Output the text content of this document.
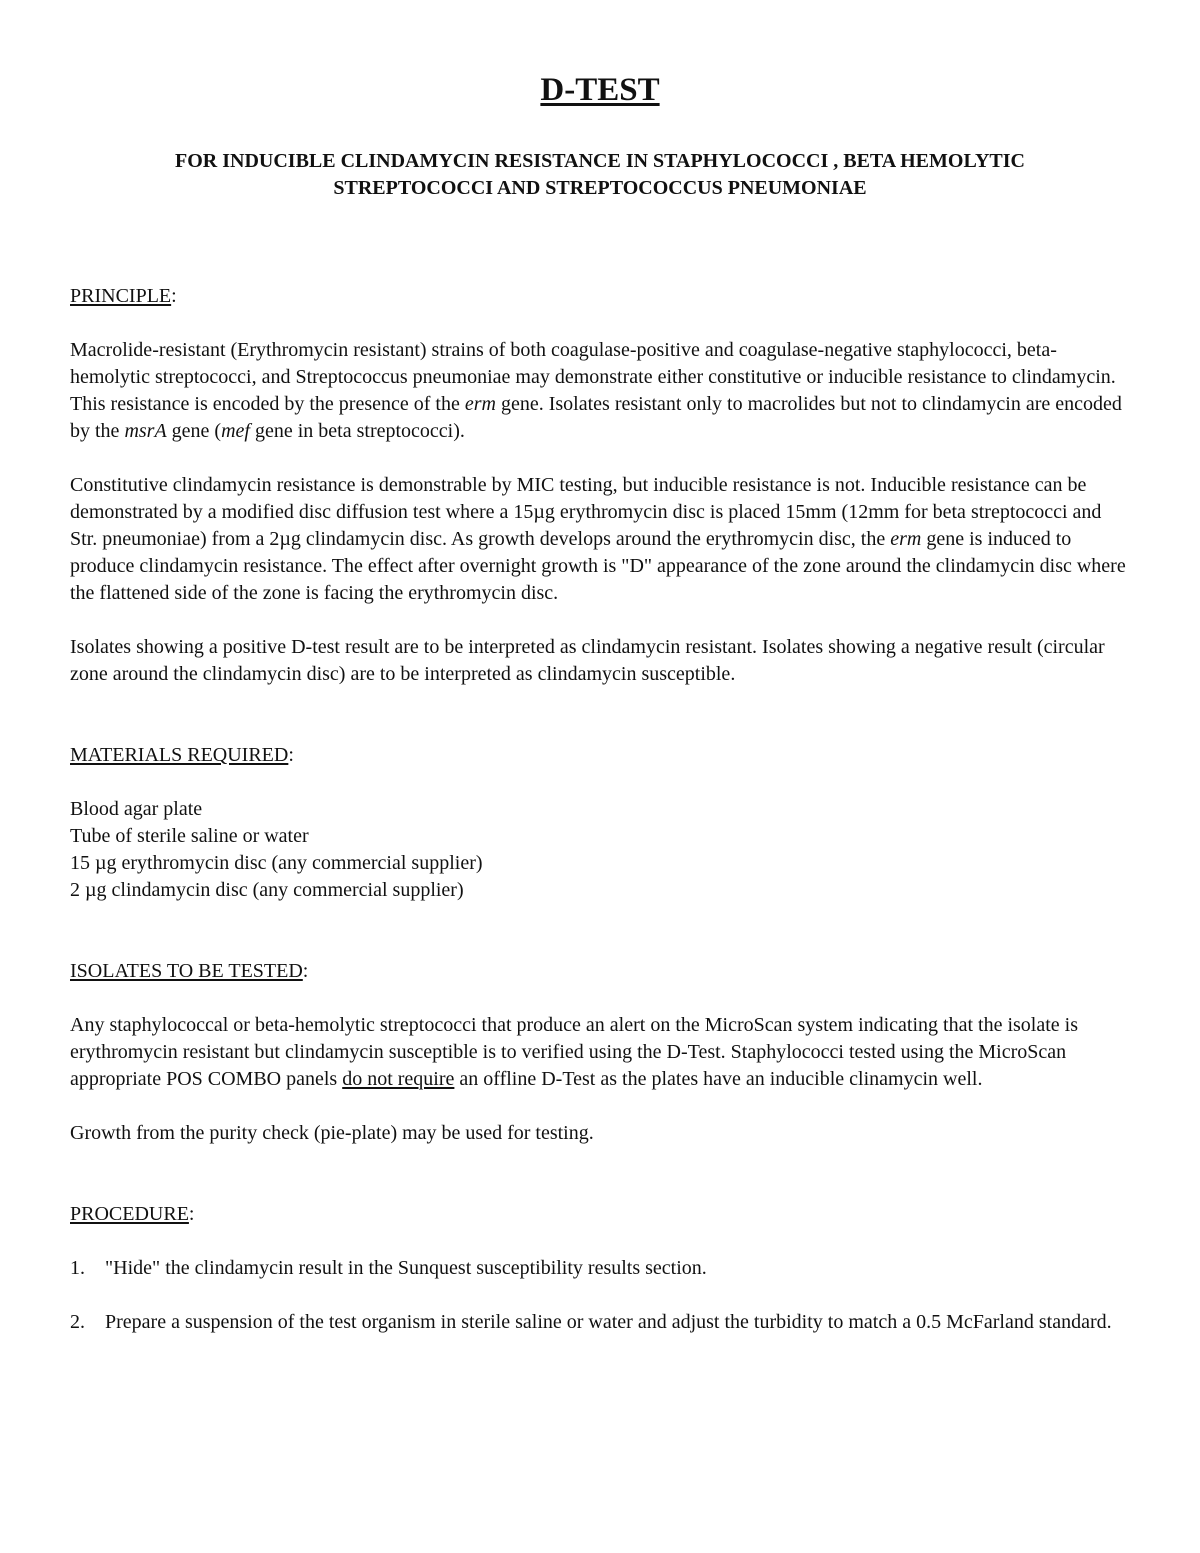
D-TEST
FOR INDUCIBLE CLINDAMYCIN RESISTANCE IN STAPHYLOCOCCI , BETA HEMOLYTIC
STREPTOCOCCI AND STREPTOCOCCUS PNEUMONIAE

PRINCIPLE:

Macrolide-resistant (Erythromycin resistant) strains of both coagulase-positive and coagulase-negative staphylococci, beta-hemolytic streptococci, and Streptococcus pneumoniae may demonstrate either constitutive or inducible resistance to clindamycin. This resistance is encoded by the presence of the erm gene. Isolates resistant only to macrolides but not to clindamycin are encoded by the msrA gene (mef gene in beta streptococci).

Constitutive clindamycin resistance is demonstrable by MIC testing, but inducible resistance is not. Inducible resistance can be demonstrated by a modified disc diffusion test where a 15µg erythromycin disc is placed 15mm (12mm for beta streptococci and Str. pneumoniae) from a 2µg clindamycin disc. As growth develops around the erythromycin disc, the erm gene is induced to produce clindamycin resistance. The effect after overnight growth is "D" appearance of the zone around the clindamycin disc where the flattened side of the zone is facing the erythromycin disc.

Isolates showing a positive D-test result are to be interpreted as clindamycin resistant. Isolates showing a negative result (circular zone around the clindamycin disc) are to be interpreted as clindamycin susceptible.

MATERIALS REQUIRED:

Blood agar plate
Tube of sterile saline or water
15 µg erythromycin disc (any commercial supplier)
2 µg clindamycin disc (any commercial supplier)

ISOLATES TO BE TESTED:

Any staphylococcal or beta-hemolytic streptococci that produce an alert on the MicroScan system indicating that the isolate is erythromycin resistant but clindamycin susceptible is to verified using the D-Test. Staphylococci tested using the MicroScan appropriate POS COMBO panels do not require an offline D-Test as the plates have an inducible clinamycin well.

Growth from the purity check (pie-plate) may be used for testing.

PROCEDURE:

1. "Hide" the clindamycin result in the Sunquest susceptibility results section.
2. Prepare a suspension of the test organism in sterile saline or water and adjust the turbidity to match a 0.5 McFarland standard.
